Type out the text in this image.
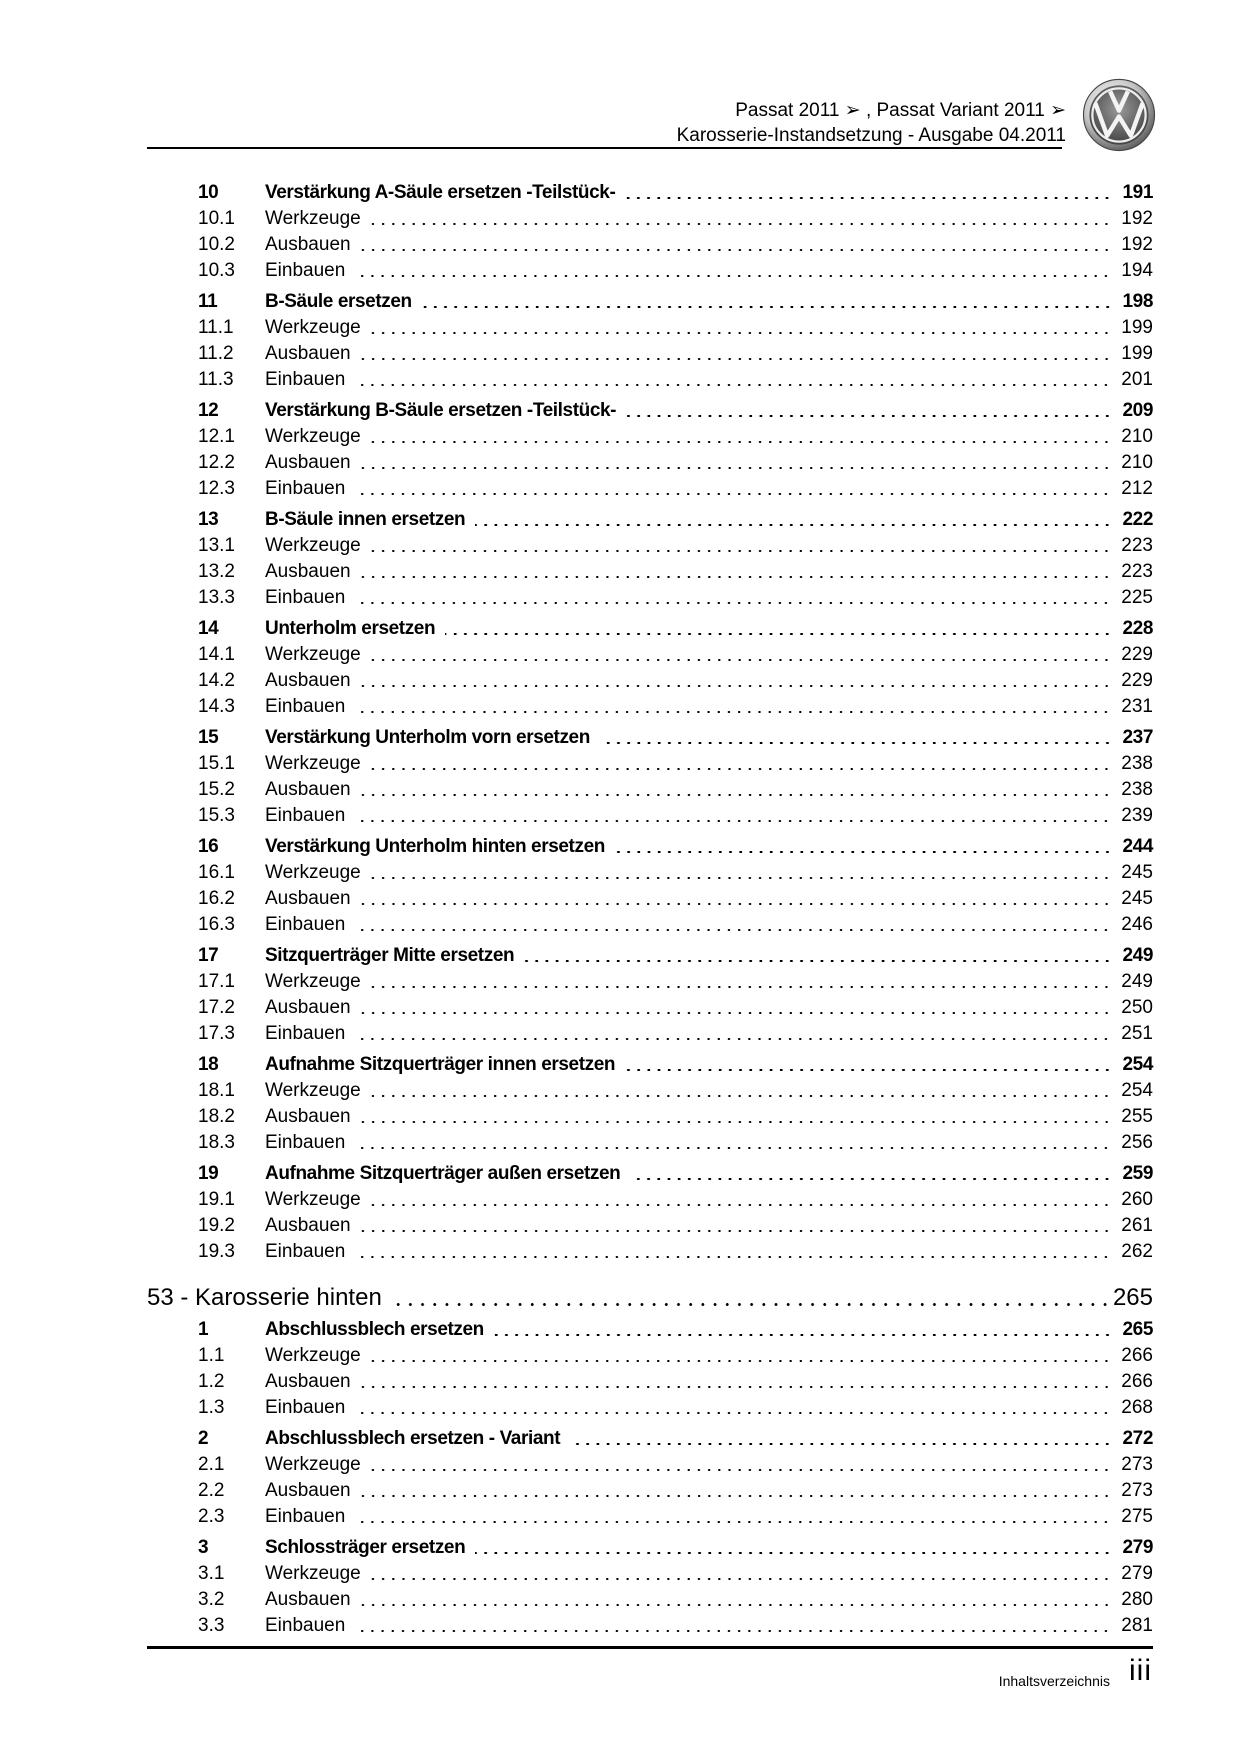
Passat 2011 ➢ , Passat Variant 2011 ➢
Karosserie-Instandsetzung - Ausgabe 04.2011
10	Verstärkung A-Säule ersetzen -Teilstück-	191
10.1	Werkzeuge	192
10.2	Ausbauen	192
10.3	Einbauen	194
11	B-Säule ersetzen	198
11.1	Werkzeuge	199
11.2	Ausbauen	199
11.3	Einbauen	201
12	Verstärkung B-Säule ersetzen -Teilstück-	209
12.1	Werkzeuge	210
12.2	Ausbauen	210
12.3	Einbauen	212
13	B-Säule innen ersetzen	222
13.1	Werkzeuge	223
13.2	Ausbauen	223
13.3	Einbauen	225
14	Unterholm ersetzen	228
14.1	Werkzeuge	229
14.2	Ausbauen	229
14.3	Einbauen	231
15	Verstärkung Unterholm vorn ersetzen	237
15.1	Werkzeuge	238
15.2	Ausbauen	238
15.3	Einbauen	239
16	Verstärkung Unterholm hinten ersetzen	244
16.1	Werkzeuge	245
16.2	Ausbauen	245
16.3	Einbauen	246
17	Sitzquerträger Mitte ersetzen	249
17.1	Werkzeuge	249
17.2	Ausbauen	250
17.3	Einbauen	251
18	Aufnahme Sitzquerträger innen ersetzen	254
18.1	Werkzeuge	254
18.2	Ausbauen	255
18.3	Einbauen	256
19	Aufnahme Sitzquerträger außen ersetzen	259
19.1	Werkzeuge	260
19.2	Ausbauen	261
19.3	Einbauen	262
53 - Karosserie hinten	265
1	Abschlussblech ersetzen	265
1.1	Werkzeuge	266
1.2	Ausbauen	266
1.3	Einbauen	268
2	Abschlussblech ersetzen - Variant	272
2.1	Werkzeuge	273
2.2	Ausbauen	273
2.3	Einbauen	275
3	Schlossträger ersetzen	279
3.1	Werkzeuge	279
3.2	Ausbauen	280
3.3	Einbauen	281
Inhaltsverzeichnis iii
